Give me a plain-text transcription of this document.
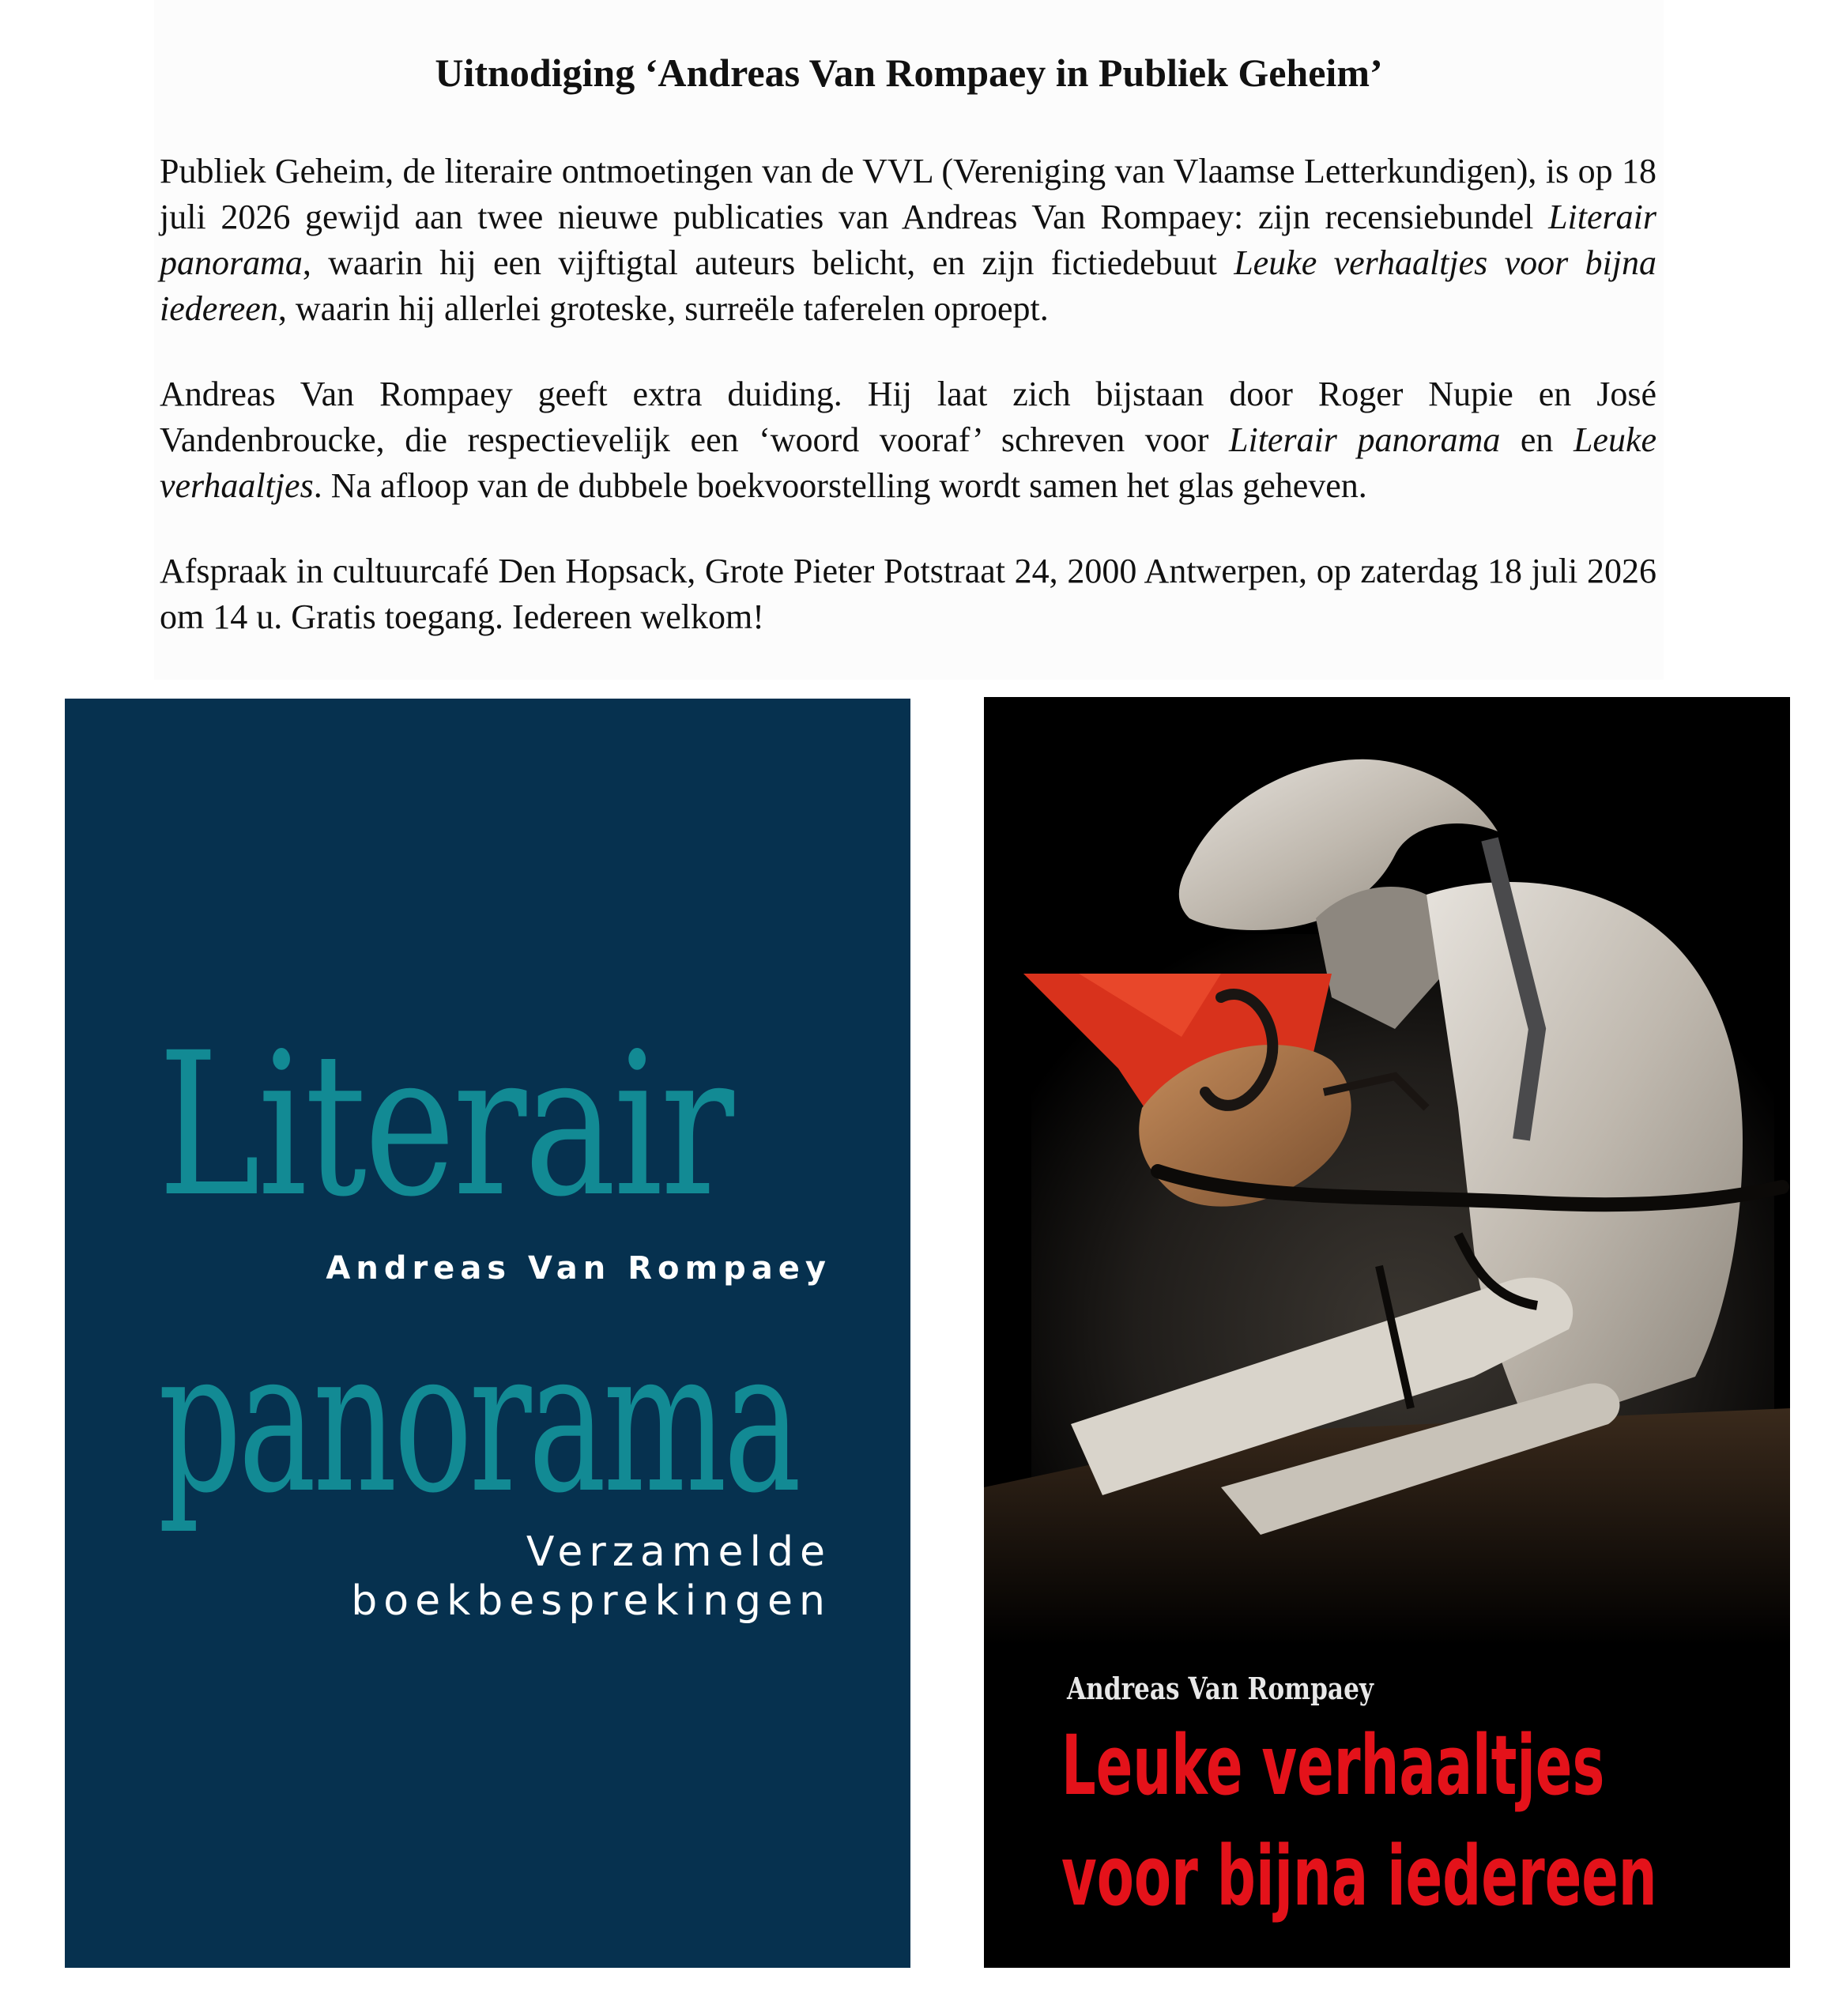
Uitnodiging ‘Andreas Van Rompaey in Publiek Geheim’

Publiek Geheim, de literaire ontmoetingen van de VVL (Vereniging van Vlaamse Letterkundigen), is op 18 juli 2026 gewijd aan twee nieuwe publicaties van Andreas Van Rompaey: zijn recensiebundel Literair panorama, waarin hij een vijftigtal auteurs belicht, en zijn fictiedebuut Leuke verhaaltjes voor bijna iedereen, waarin hij allerlei groteske, surreële taferelen oproept.

Andreas Van Rompaey geeft extra duiding. Hij laat zich bijstaan door Roger Nupie en José Vandenbroucke, die respectievelijk een ‘woord vooraf’ schreven voor Literair panorama en Leuke verhaaltjes. Na afloop van de dubbele boekvoorstelling wordt samen het glas geheven.

Afspraak in cultuurcafé Den Hopsack, Grote Pieter Potstraat 24, 2000 Antwerpen, op zaterdag 18 juli 2026 om 14 u. Gratis toegang. Iedereen welkom!

Literair
Andreas Van Rompaey
panorama
Verzamelde
boekbesprekingen
Andreas Van Rompaey
Leuke verhaaltjes
voor bijna iedereen
